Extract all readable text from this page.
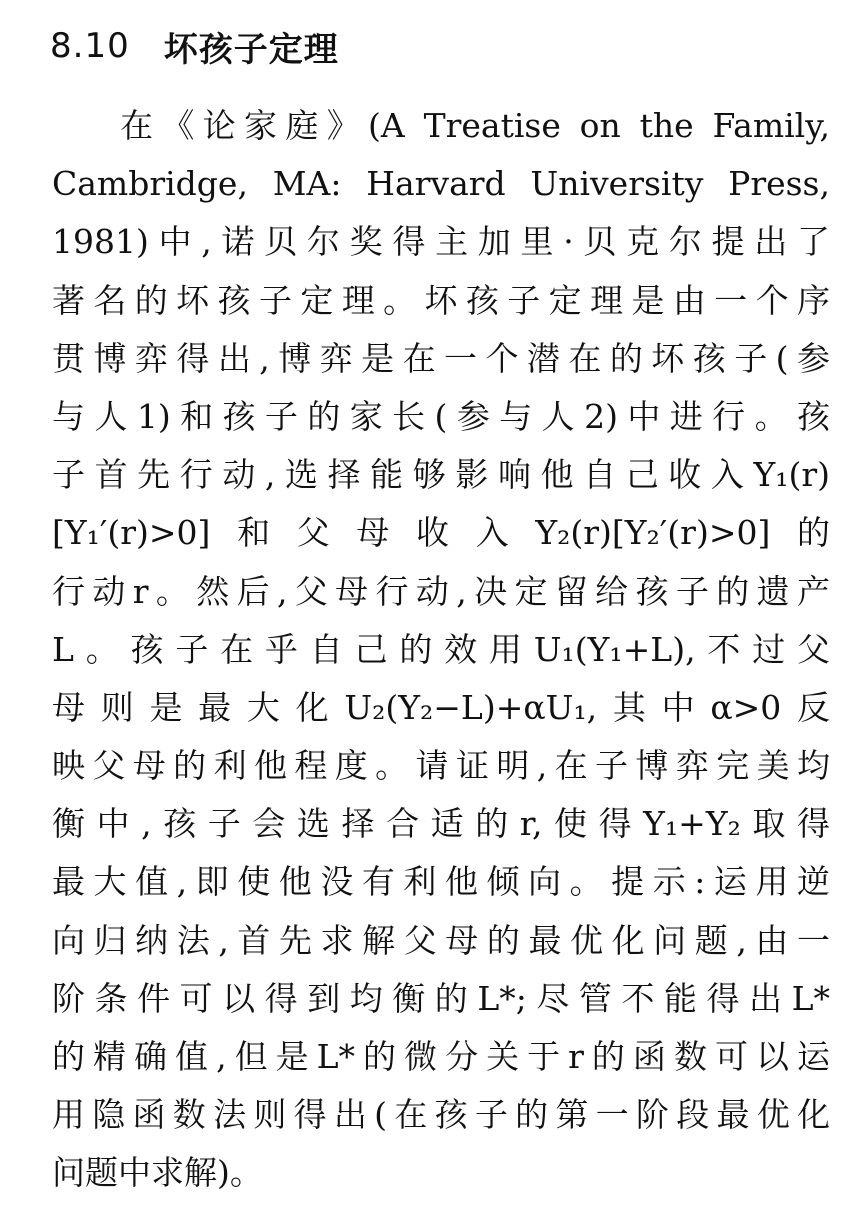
8.10 坏孩子定理
在《论家庭》(A Treatise on the Family,
Cambridge, MA: Harvard University Press,
1981)中,诺贝尔奖得主加里·贝克尔提出了
著名的坏孩子定理。坏孩子定理是由一个序
贯博弈得出,博弈是在一个潜在的坏孩子(参
与人1)和孩子的家长(参与人2)中进行。孩
子首先行动,选择能够影响他自己收入Y₁(r)
[Y₁′(r)>0]和父母收入Y₂(r)[Y₂′(r)>0]的
行动r。然后,父母行动,决定留给孩子的遗产
L。孩子在乎自己的效用U₁(Y₁+L),不过父
母则是最大化U₂(Y₂−L)+αU₁,其中α>0反
映父母的利他程度。请证明,在子博弈完美均
衡中,孩子会选择合适的r,使得Y₁+Y₂取得
最大值,即使他没有利他倾向。提示:运用逆
向归纳法,首先求解父母的最优化问题,由一
阶条件可以得到均衡的L*;尽管不能得出L*
的精确值,但是L*的微分关于r的函数可以运
用隐函数法则得出(在孩子的第一阶段最优化
问题中求解)。
